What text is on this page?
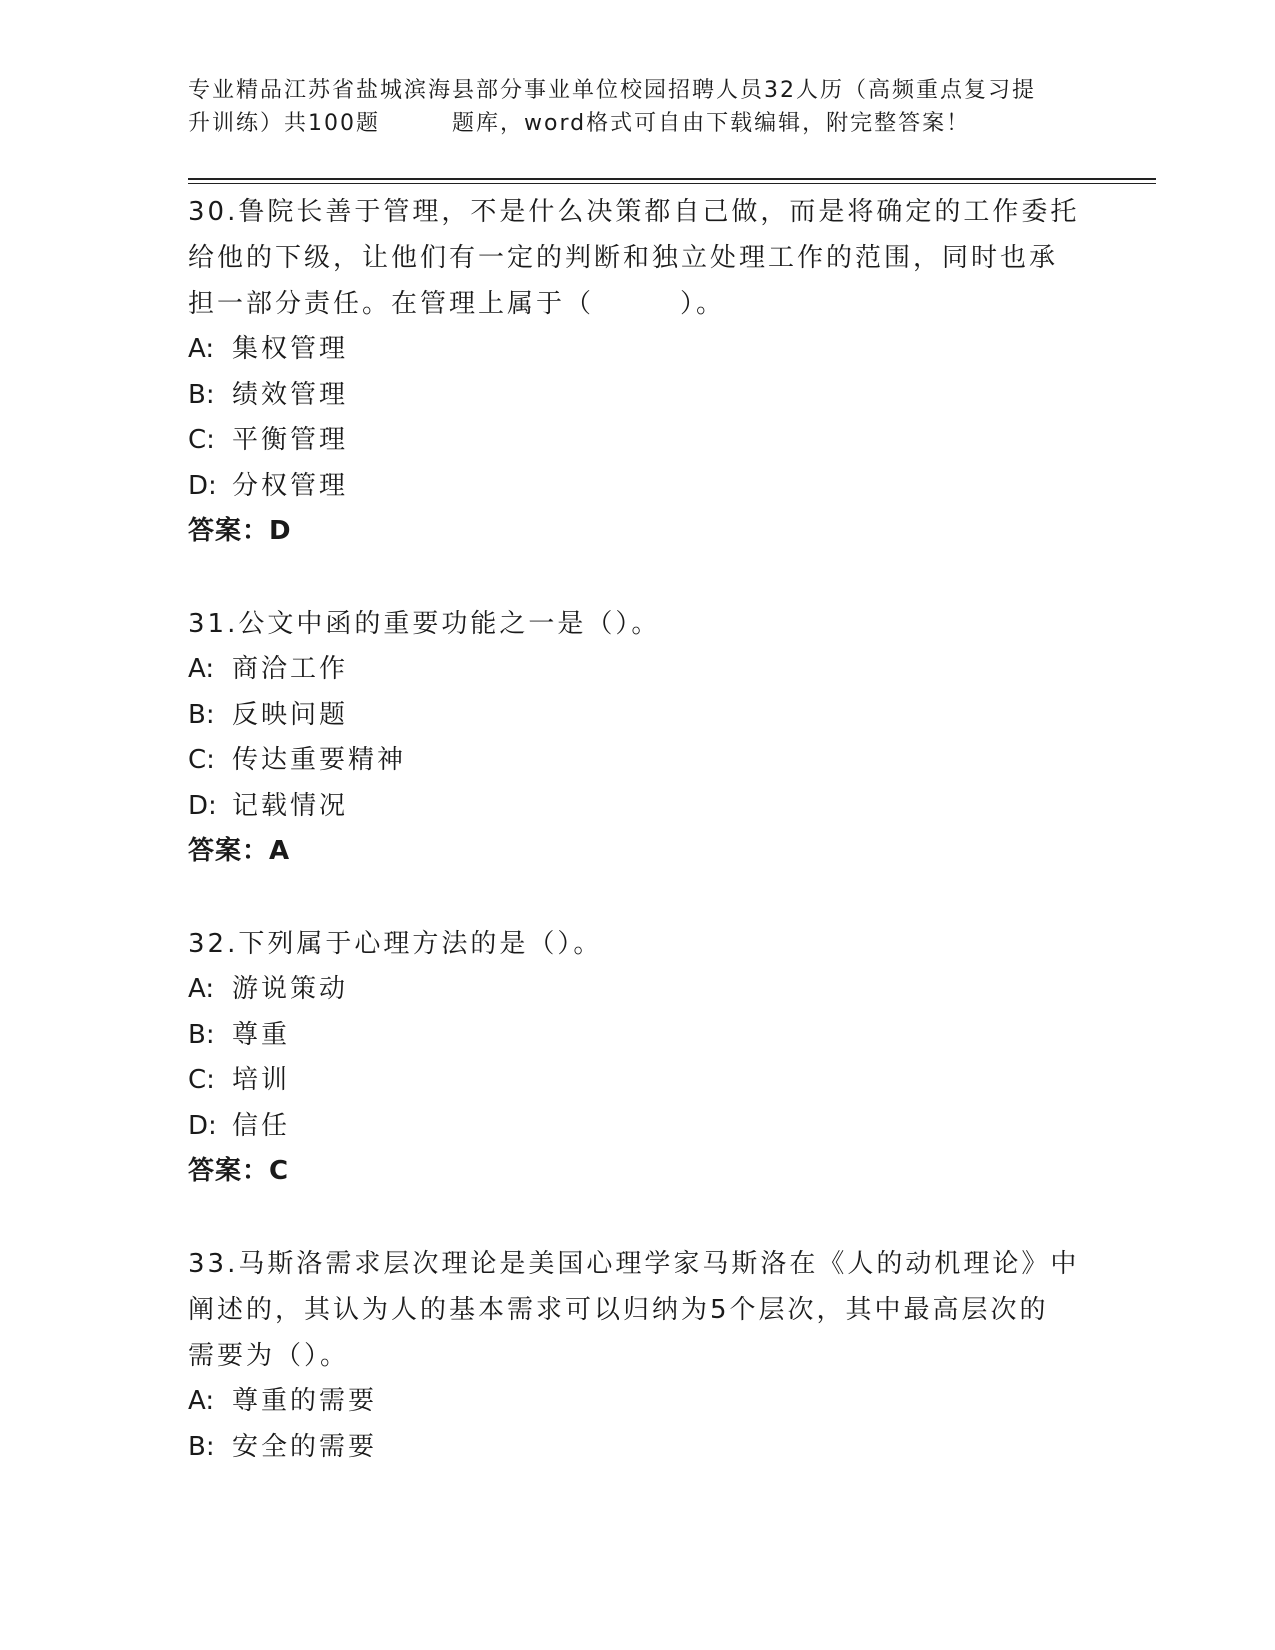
专业精品江苏省盐城滨海县部分事业单位校园招聘人员32人历（高频重点复习提
升训练）共100题	题库，word格式可自由下载编辑，附完整答案！

30.鲁院长善于管理，不是什么决策都自己做，而是将确定的工作委托

给他的下级，让他们有一定的判断和独立处理工作的范围，同时也承

担一部分责任。在管理上属于（	）。

A: 集权管理

B: 绩效管理

C: 平衡管理

D: 分权管理

答案：D

31.公文中函的重要功能之一是（）。

A: 商洽工作

B: 反映问题

C: 传达重要精神

D: 记载情况

答案：A

32.下列属于心理方法的是（）。

A: 游说策动

B: 尊重

C: 培训

D: 信任

答案：C

33.马斯洛需求层次理论是美国心理学家马斯洛在《人的动机理论》中

阐述的，其认为人的基本需求可以归纳为5个层次，其中最高层次的

需要为（）。

A: 尊重的需要

B: 安全的需要
